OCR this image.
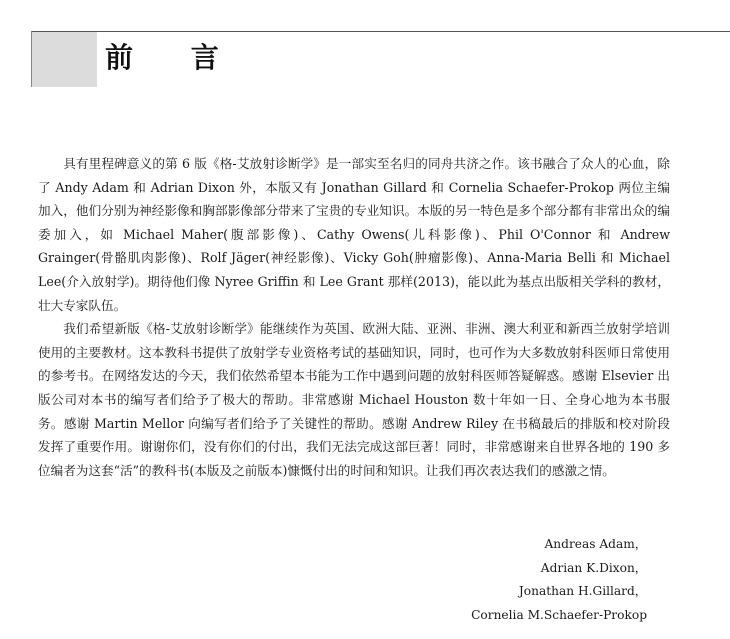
前 言

具有里程碑意义的第 6 版《格-艾放射诊断学》是一部实至名归的同舟共济之作。该书融合了众人的心血，除了 Andy Adam 和 Adrian Dixon 外，本版又有 Jonathan Gillard 和 Cornelia Schaefer-Prokop 两位主编加入，他们分别为神经影像和胸部影像部分带来了宝贵的专业知识。本版的另一特色是多个部分都有非常出众的编委加入，如 Michael Maher(腹部影像)、Cathy Owens(儿科影像)、Phil O'Connor 和 Andrew Grainger(骨骼肌肉影像)、Rolf Jäger(神经影像)、Vicky Goh(肿瘤影像)、Anna-Maria Belli 和 Michael Lee(介入放射学)。期待他们像 Nyree Griffin 和 Lee Grant 那样(2013)，能以此为基点出版相关学科的教材，壮大专家队伍。

我们希望新版《格-艾放射诊断学》能继续作为英国、欧洲大陆、亚洲、非洲、澳大利亚和新西兰放射学培训使用的主要教材。这本教科书提供了放射学专业资格考试的基础知识，同时，也可作为大多数放射科医师日常使用的参考书。在网络发达的今天，我们依然希望本书能为工作中遇到问题的放射科医师答疑解惑。感谢 Elsevier 出版公司对本书的编写者们给予了极大的帮助。非常感谢 Michael Houston 数十年如一日、全身心地为本书服务。感谢 Martin Mellor 向编写者们给予了关键性的帮助。感谢 Andrew Riley 在书稿最后的排版和校对阶段发挥了重要作用。谢谢你们，没有你们的付出，我们无法完成这部巨著！同时，非常感谢来自世界各地的 190 多位编者为这套“活”的教科书(本版及之前版本)慷慨付出的时间和知识。让我们再次表达我们的感激之情。

Andreas Adam，
Adrian K.Dixon，
Jonathan H.Gillard，
Cornelia M.Schaefer-Prokop
